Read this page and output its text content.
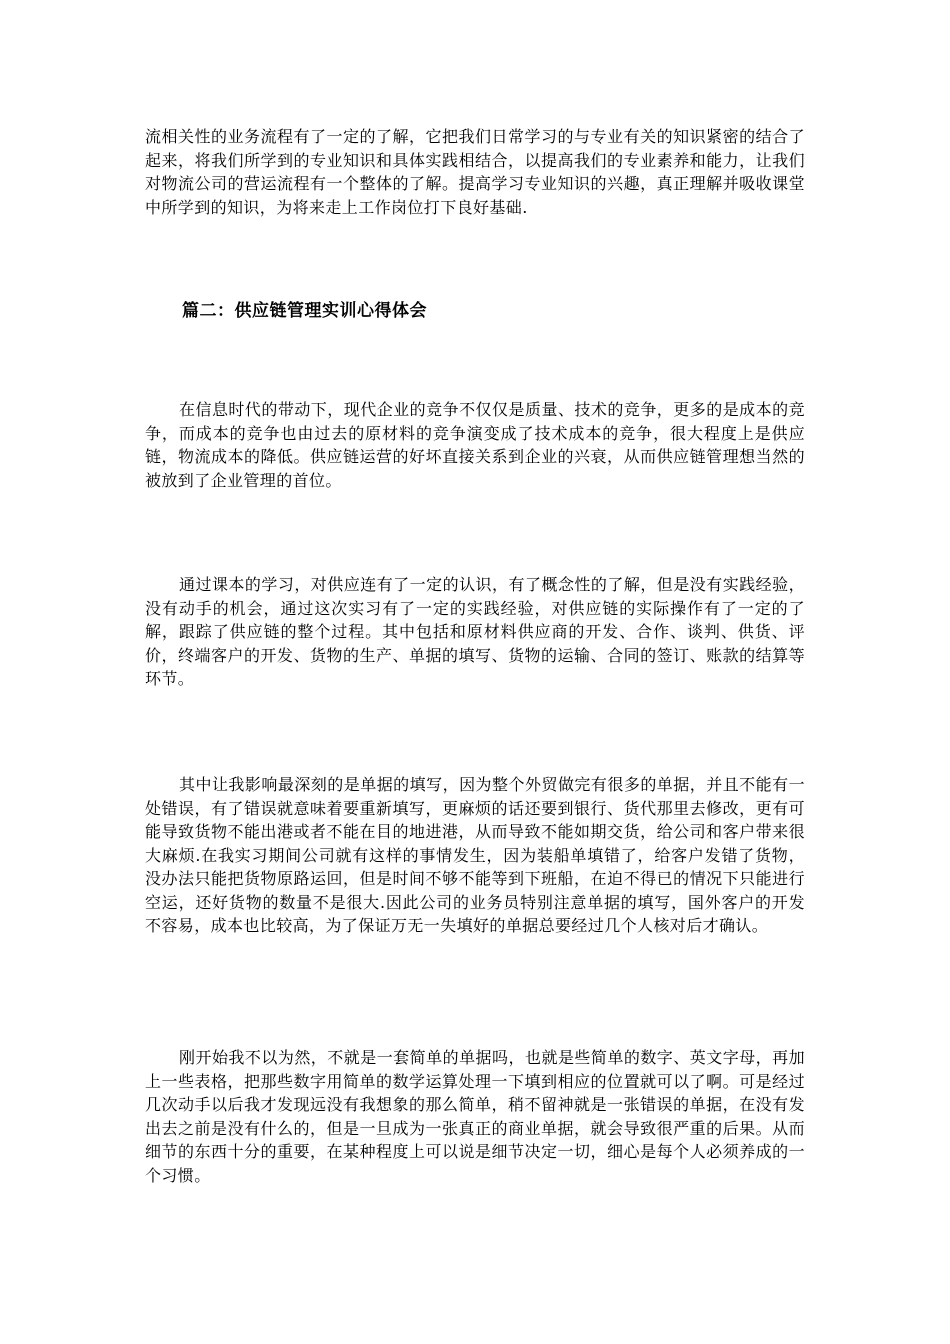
流相关性的业务流程有了一定的了解，它把我们日常学习的与专业有关的知识紧密的结合了起来，将我们所学到的专业知识和具体实践相结合，以提高我们的专业素养和能力，让我们对物流公司的营运流程有一个整体的了解。提高学习专业知识的兴趣，真正理解并吸收课堂中所学到的知识，为将来走上工作岗位打下良好基础.

篇二：供应链管理实训心得体会

在信息时代的带动下，现代企业的竞争不仅仅是质量、技术的竞争，更多的是成本的竞争，而成本的竞争也由过去的原材料的竞争演变成了技术成本的竞争，很大程度上是供应链，物流成本的降低。供应链运营的好坏直接关系到企业的兴衰，从而供应链管理想当然的被放到了企业管理的首位。

通过课本的学习，对供应连有了一定的认识，有了概念性的了解，但是没有实践经验，没有动手的机会，通过这次实习有了一定的实践经验，对供应链的实际操作有了一定的了解，跟踪了供应链的整个过程。其中包括和原材料供应商的开发、合作、谈判、供货、评价，终端客户的开发、货物的生产、单据的填写、货物的运输、合同的签订、账款的结算等环节。

其中让我影响最深刻的是单据的填写，因为整个外贸做完有很多的单据，并且不能有一处错误，有了错误就意味着要重新填写，更麻烦的话还要到银行、货代那里去修改，更有可能导致货物不能出港或者不能在目的地进港，从而导致不能如期交货，给公司和客户带来很大麻烦.在我实习期间公司就有这样的事情发生，因为装船单填错了，给客户发错了货物，没办法只能把货物原路运回，但是时间不够不能等到下班船，在迫不得已的情况下只能进行空运，还好货物的数量不是很大.因此公司的业务员特别注意单据的填写，国外客户的开发不容易，成本也比较高，为了保证万无一失填好的单据总要经过几个人核对后才确认。

刚开始我不以为然，不就是一套简单的单据吗，也就是些简单的数字、英文字母，再加上一些表格，把那些数字用简单的数学运算处理一下填到相应的位置就可以了啊。可是经过几次动手以后我才发现远没有我想象的那么简单，稍不留神就是一张错误的单据，在没有发出去之前是没有什么的，但是一旦成为一张真正的商业单据，就会导致很严重的后果。从而细节的东西十分的重要，在某种程度上可以说是细节决定一切，细心是每个人必须养成的一个习惯。
